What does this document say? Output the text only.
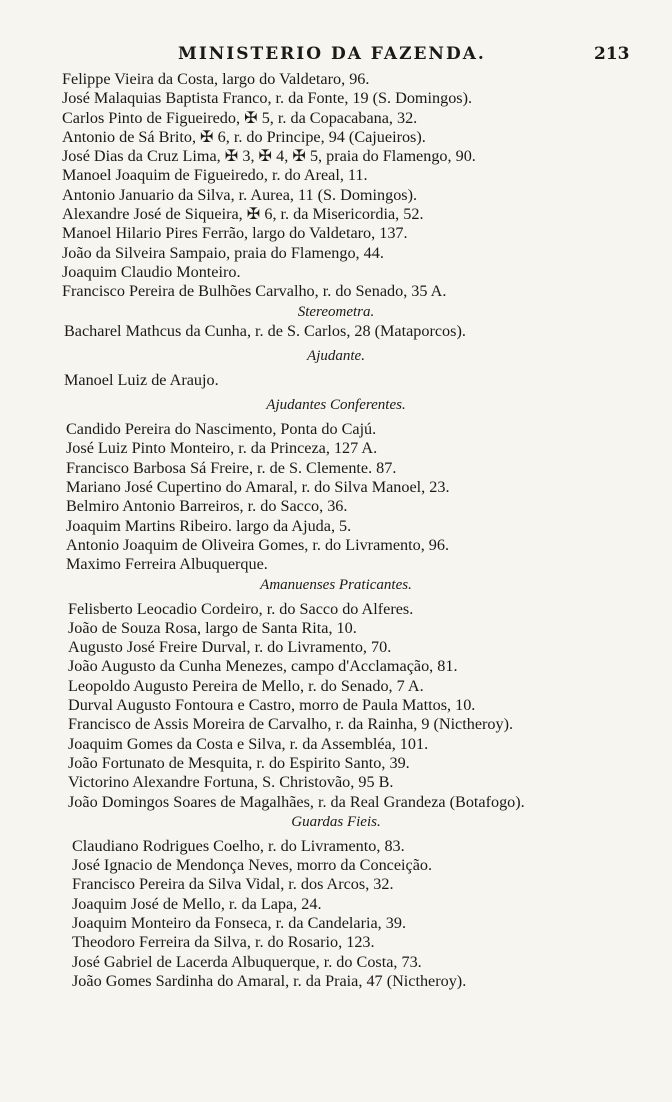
MINISTERIO DA FAZENDA.	213
Felippe Vieira da Costa, largo do Valdetaro, 96.
José Malaquias Baptista Franco, r. da Fonte, 19 (S. Domingos).
Carlos Pinto de Figueiredo, ✠ 5, r. da Copacabana, 32.
Antonio de Sá Brito, ✠ 6, r. do Principe, 94 (Cajueiros).
José Dias da Cruz Lima, ✠ 3, ✠ 4, ✠ 5, praia do Flamengo, 90.
Manoel Joaquim de Figueiredo, r. do Areal, 11.
Antonio Januario da Silva, r. Aurea, 11 (S. Domingos).
Alexandre José de Siqueira, ✠ 6, r. da Misericordia, 52.
Manoel Hilario Pires Ferrão, largo do Valdetaro, 137.
João da Silveira Sampaio, praia do Flamengo, 44.
Joaquim Claudio Monteiro.
Francisco Pereira de Bulhões Carvalho, r. do Senado, 35 A.
Stereometra.
Bacharel Mathcus da Cunha, r. de S. Carlos, 28 (Mataporcos).
Ajudante.
Manoel Luiz de Araujo.
Ajudantes Conferentes.
Candido Pereira do Nascimento, Ponta do Cajú.
José Luiz Pinto Monteiro, r. da Princeza, 127 A.
Francisco Barbosa Sá Freire, r. de S. Clemente. 87.
Mariano José Cupertino do Amaral, r. do Silva Manoel, 23.
Belmiro Antonio Barreiros, r. do Sacco, 36.
Joaquim Martins Ribeiro. largo da Ajuda, 5.
Antonio Joaquim de Oliveira Gomes, r. do Livramento, 96.
Maximo Ferreira Albuquerque.
Amanuenses Praticantes.
Felisberto Leocadio Cordeiro, r. do Sacco do Alferes.
João de Souza Rosa, largo de Santa Rita, 10.
Augusto José Freire Durval, r. do Livramento, 70.
João Augusto da Cunha Menezes, campo d'Acclamação, 81.
Leopoldo Augusto Pereira de Mello, r. do Senado, 7 A.
Durval Augusto Fontoura e Castro, morro de Paula Mattos, 10.
Francisco de Assis Moreira de Carvalho, r. da Rainha, 9 (Nictheroy).
Joaquim Gomes da Costa e Silva, r. da Assembléa, 101.
João Fortunato de Mesquita, r. do Espirito Santo, 39.
Victorino Alexandre Fortuna, S. Christovão, 95 B.
João Domingos Soares de Magalhães, r. da Real Grandeza (Botafogo).
Guardas Fieis.
Claudiano Rodrigues Coelho, r. do Livramento, 83.
José Ignacio de Mendonça Neves, morro da Conceição.
Francisco Pereira da Silva Vidal, r. dos Arcos, 32.
Joaquim José de Mello, r. da Lapa, 24.
Joaquim Monteiro da Fonseca, r. da Candelaria, 39.
Theodoro Ferreira da Silva, r. do Rosario, 123.
José Gabriel de Lacerda Albuquerque, r. do Costa, 73.
João Gomes Sardinha do Amaral, r. da Praia, 47 (Nictheroy).
